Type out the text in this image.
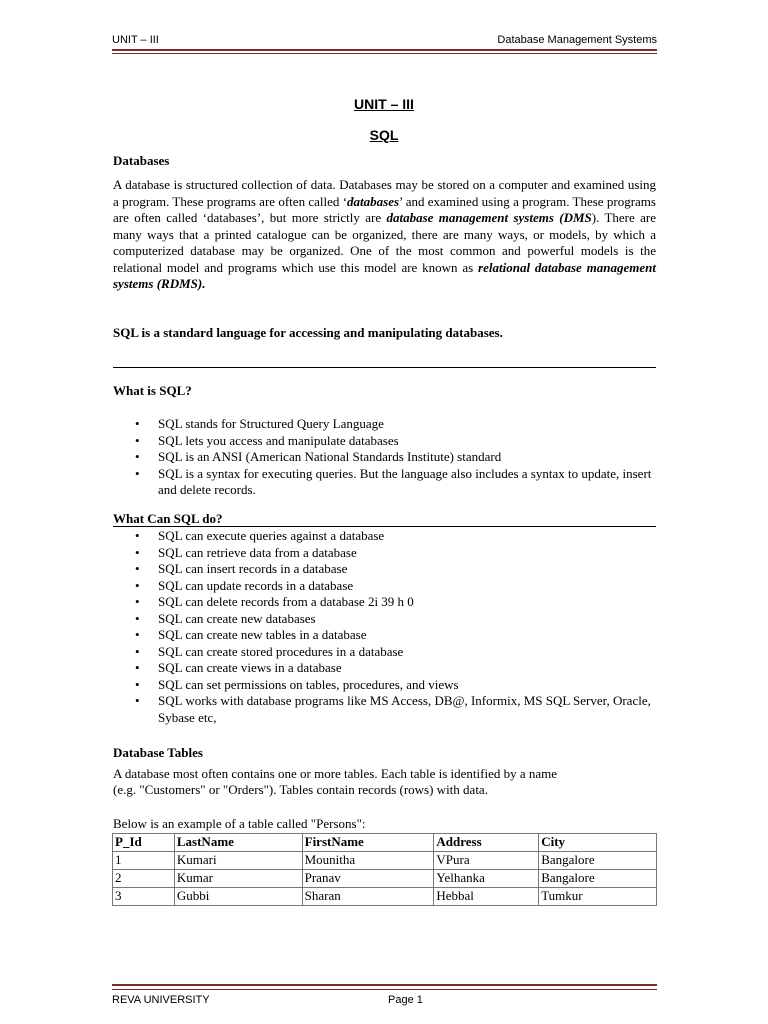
UNIT – III	Database Management Systems
UNIT – III
SQL
Databases
A database is structured collection of data. Databases may be stored on a computer and examined using a program. These programs are often called ‘databases’ and examined using a program. These programs are often called ‘databases’, but more strictly are database management systems (DMS). There are many ways that a printed catalogue can be organized, there are many ways, or models, by which a computerized database may be organized. One of the most common and powerful models is the relational model and programs which use this model are known as relational database management systems (RDMS).
SQL is a standard language for accessing and manipulating databases.
What is SQL?
• SQL stands for Structured Query Language
• SQL lets you access and manipulate databases
• SQL is an ANSI (American National Standards Institute) standard
• SQL is a syntax for executing queries. But the language also includes a syntax to update, insert and delete records.
What Can SQL do?
• SQL can execute queries against a database
• SQL can retrieve data from a database
• SQL can insert records in a database
• SQL can update records in a database
• SQL can delete records from a database 2i 39 h 0
• SQL can create new databases
• SQL can create new tables in a database
• SQL can create stored procedures in a database
• SQL can create views in a database
• SQL can set permissions on tables, procedures, and views
• SQL works with database programs like MS Access, DB@, Informix, MS SQL Server, Oracle, Sybase etc,
Database Tables
A database most often contains one or more tables. Each table is identified by a name
(e.g. "Customers" or "Orders"). Tables contain records (rows) with data.
Below is an example of a table called "Persons":
P_Id	LastName	FirstName	Address	City
1	Kumari	Mounitha	VPura	Bangalore
2	Kumar	Pranav	Yelhanka	Bangalore
3	Gubbi	Sharan	Hebbal	Tumkur
REVA UNIVERSITY	Page 1
